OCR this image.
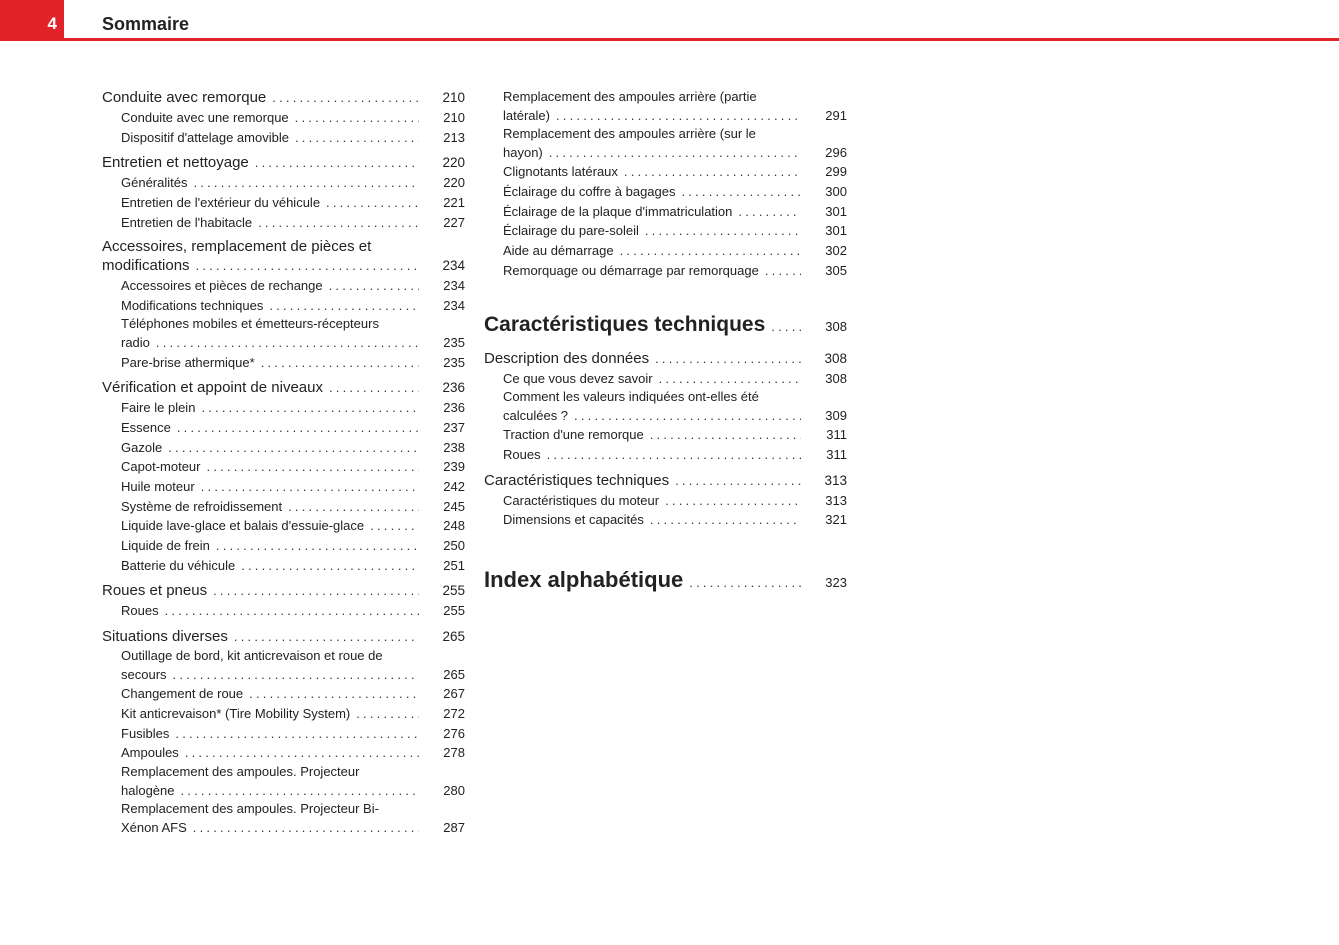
4	Sommaire
Conduite avec remorque .....	210
Conduite avec une remorque .....	210
Dispositif d'attelage amovible .....	213
Entretien et nettoyage .....	220
Généralités .....	220
Entretien de l'extérieur du véhicule .....	221
Entretien de l'habitacle .....	227
Accessoires, remplacement de pièces et
modifications .....	234
Accessoires et pièces de rechange .....	234
Modifications techniques .....	234
Téléphones mobiles et émetteurs-récepteurs
radio .....	235
Pare-brise athermique* .....	235
Vérification et appoint de niveaux .....	236
Faire le plein .....	236
Essence .....	237
Gazole .....	238
Capot-moteur .....	239
Huile moteur .....	242
Système de refroidissement .....	245
Liquide lave-glace et balais d'essuie-glace .....	248
Liquide de frein .....	250
Batterie du véhicule .....	251
Roues et pneus .....	255
Roues .....	255
Situations diverses .....	265
Outillage de bord, kit anticrevaison et roue de
secours .....	265
Changement de roue .....	267
Kit anticrevaison* (Tire Mobility System) .....	272
Fusibles .....	276
Ampoules .....	278
Remplacement des ampoules. Projecteur
halogène .....	280
Remplacement des ampoules. Projecteur Bi-
Xénon AFS .....	287
Remplacement des ampoules arrière (partie
latérale) .....	291
Remplacement des ampoules arrière (sur le
hayon) .....	296
Clignotants latéraux .....	299
Éclairage du coffre à bagages .....	300
Éclairage de la plaque d'immatriculation .....	301
Éclairage du pare-soleil .....	301
Aide au démarrage .....	302
Remorquage ou démarrage par remorquage .....	305
Caractéristiques techniques .....	308
Description des données .....	308
Ce que vous devez savoir .....	308
Comment les valeurs indiquées ont-elles été
calculées ? .....	309
Traction d'une remorque .....	311
Roues .....	311
Caractéristiques techniques .....	313
Caractéristiques du moteur .....	313
Dimensions et capacités .....	321
Index alphabétique .....	323
